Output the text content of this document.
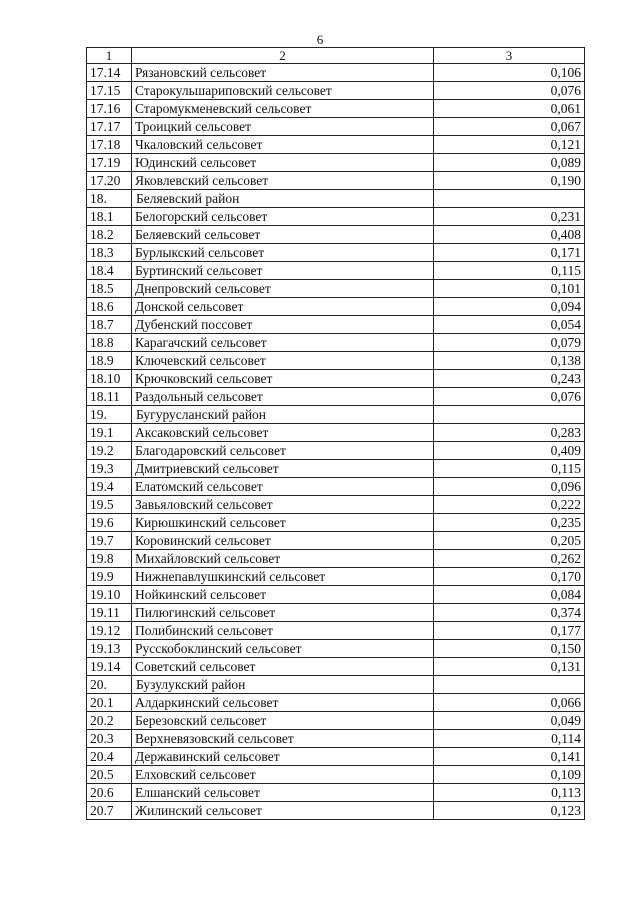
6
1	2	3
17.14	Рязановский сельсовет	0,106
17.15	Старокульшариповский сельсовет	0,076
17.16	Старомукменевский сельсовет	0,061
17.17	Троицкий сельсовет	0,067
17.18	Чкаловский сельсовет	0,121
17.19	Юдинский сельсовет	0,089
17.20	Яковлевский сельсовет	0,190
18.	Беляевский район	
18.1	Белогорский сельсовет	0,231
18.2	Беляевский сельсовет	0,408
18.3	Бурлыкский сельсовет	0,171
18.4	Буртинский сельсовет	0,115
18.5	Днепровский сельсовет	0,101
18.6	Донской сельсовет	0,094
18.7	Дубенский поссовет	0,054
18.8	Карагачский сельсовет	0,079
18.9	Ключевский сельсовет	0,138
18.10	Крючковский сельсовет	0,243
18.11	Раздольный сельсовет	0,076
19.	Бугурусланский район	
19.1	Аксаковский сельсовет	0,283
19.2	Благодаровский сельсовет	0,409
19.3	Дмитриевский сельсовет	0,115
19.4	Елатомский сельсовет	0,096
19.5	Завьяловский сельсовет	0,222
19.6	Кирюшкинский сельсовет	0,235
19.7	Коровинский сельсовет	0,205
19.8	Михайловский сельсовет	0,262
19.9	Нижнепавлушкинский сельсовет	0,170
19.10	Нойкинский сельсовет	0,084
19.11	Пилюгинский сельсовет	0,374
19.12	Полибинский сельсовет	0,177
19.13	Русскобоклинский сельсовет	0,150
19.14	Советский сельсовет	0,131
20.	Бузулукский район	
20.1	Алдаркинский сельсовет	0,066
20.2	Березовский сельсовет	0,049
20.3	Верхневязовский сельсовет	0,114
20.4	Державинский сельсовет	0,141
20.5	Елховский сельсовет	0,109
20.6	Елшанский сельсовет	0,113
20.7	Жилинский сельсовет	0,123
